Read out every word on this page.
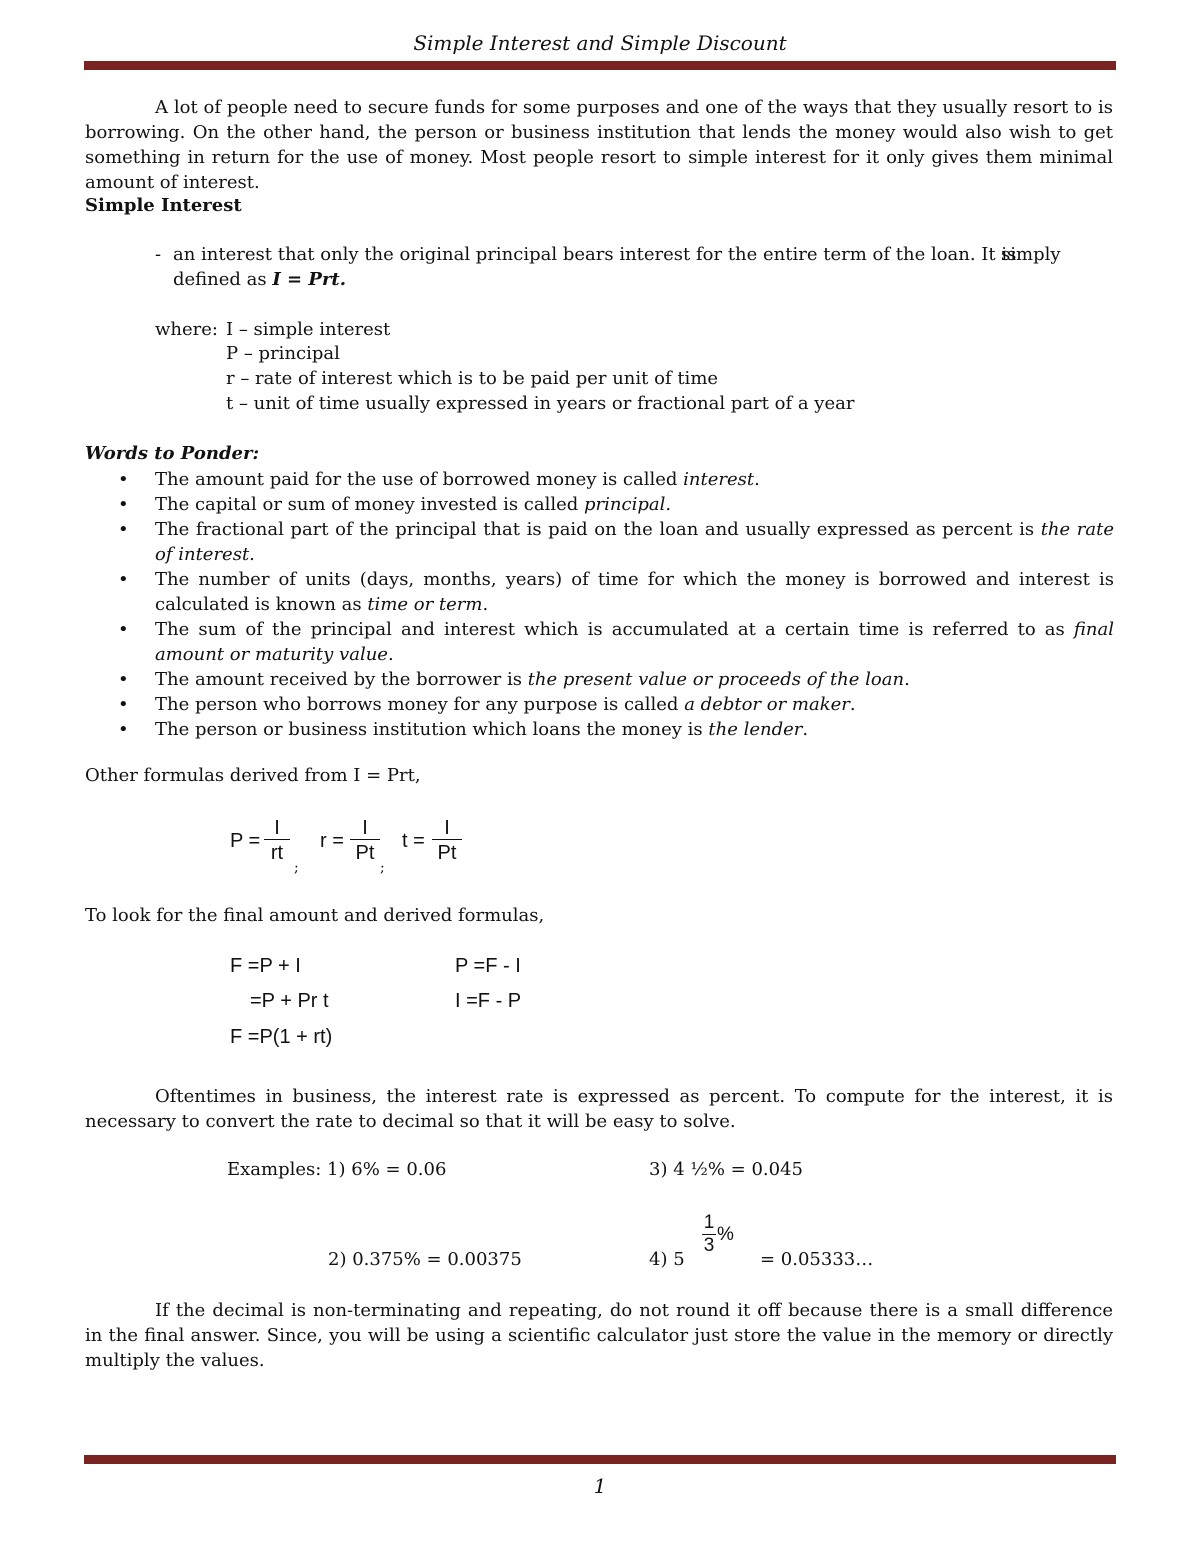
Simple Interest and Simple Discount
A lot of people need to secure funds for some purposes and one of the ways that they usually resort to is borrowing. On the other hand, the person or business institution that lends the money would also wish to get something in return for the use of money. Most people resort to simple interest for it only gives them minimal amount of interest.
Simple Interest
- an interest that only the original principal bears interest for the entire term of the loan. It is
simply
defined as I = Prt.
where: I – simple interest
P – principal
r – rate of interest which is to be paid per unit of time
t – unit of time usually expressed in years or fractional part of a year
Words to Ponder:
• The amount paid for the use of borrowed money is called interest.
• The capital or sum of money invested is called principal.
• The fractional part of the principal that is paid on the loan and usually expressed as percent is the rate of interest.
• The number of units (days, months, years) of time for which the money is borrowed and interest is calculated is known as time or term.
• The sum of the principal and interest which is accumulated at a certain time is referred to as final amount or maturity value.
• The amount received by the borrower is the present value or proceeds of the loan.
• The person who borrows money for any purpose is called a debtor or maker.
• The person or business institution which loans the money is the lender.
Other formulas derived from I = Prt,
P =
I
rt
;
r =
I
Pt
;
t =
I
Pt
To look for the final amount and derived formulas,
F =P + I
=P + Pr t
F =P(1 + rt)
P =F - I
I =F - P
Oftentimes in business, the interest rate is expressed as percent. To compute for the interest, it is necessary to convert the rate to decimal so that it will be easy to solve.
Examples: 1) 6% = 0.06	3) 4 ½% = 0.045
2) 0.375% = 0.00375	4) 5
1
3
%
= 0.05333…
If the decimal is non-terminating and repeating, do not round it off because there is a small difference in the final answer. Since, you will be using a scientific calculator just store the value in the memory or directly multiply the values.
1
